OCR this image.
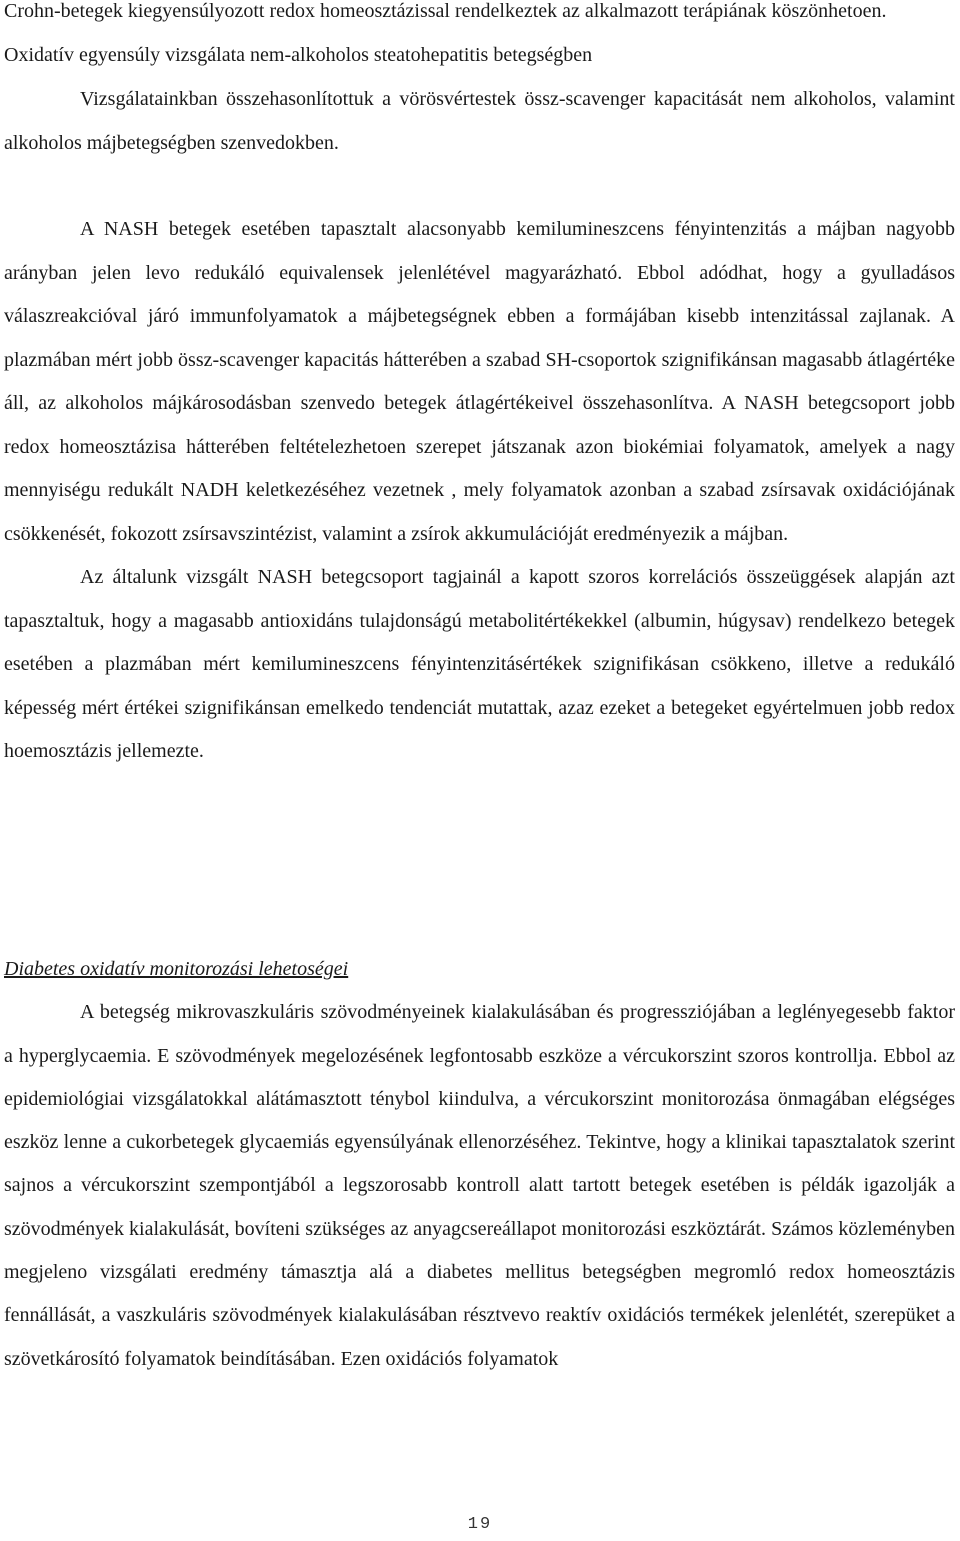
Crohn-betegek kiegyensúlyozott redox homeosztázissal rendelkeztek az alkalmazott terápiának köszönhetoen.

Oxidatív egyensúly vizsgálata nem-alkoholos steatohepatitis betegségben

Vizsgálatainkban összehasonlítottuk a vörösvértestek össz-scavenger kapacitását nem alkoholos, valamint alkoholos májbetegségben szenvedokben.

A NASH betegek esetében tapasztalt alacsonyabb kemilumineszcens fényintenzitás a májban nagyobb arányban jelen levo redukáló equivalensek jelenlétével magyarázható. Ebbol adódhat, hogy a gyulladásos válaszreakcióval járó immunfolyamatok a májbetegségnek ebben a formájában kisebb intenzitással zajlanak. A plazmában mért jobb össz-scavenger kapacitás hátterében a szabad SH-csoportok szignifikánsan magasabb átlagértéke áll, az alkoholos májkárosodásban szenvedo betegek átlagértékeivel összehasonlítva. A NASH betegcsoport jobb redox homeosztázisa hátterében feltételezhetoen szerepet játszanak azon biokémiai folyamatok, amelyek a nagy mennyiségu redukált NADH keletkezéséhez vezetnek , mely folyamatok azonban a szabad zsírsavak oxidációjának csökkenését, fokozott zsírsavszintézist, valamint a zsírok akkumulációját eredményezik a májban.

Az általunk vizsgált NASH betegcsoport tagjainál a kapott szoros korrelációs összeüggések alapján azt tapasztaltuk, hogy a magasabb antioxidáns tulajdonságú metabolitértékekkel (albumin, húgysav) rendelkezo betegek esetében a plazmában mért kemilumineszcens fényintenzitásértékek szignifikásan csökkeno, illetve a redukáló képesség mért értékei szignifikánsan emelkedo tendenciát mutattak, azaz ezeket a betegeket egyértelmuen jobb redox hoemosztázis jellemezte.

Diabetes oxidatív monitorozási lehetoségei

A betegség mikrovaszkuláris szövodményeinek kialakulásában és progressziójában a leglényegesebb faktor a hyperglycaemia. E szövodmények megelozésének legfontosabb eszköze a vércukorszint szoros kontrollja. Ebbol az epidemiológiai vizsgálatokkal alátámasztott ténybol kiindulva, a vércukorszint monitorozása önmagában elégséges eszköz lenne a cukorbetegek glycaemiás egyensúlyának ellenorzéséhez. Tekintve, hogy a klinikai tapasztalatok szerint sajnos a vércukorszint szempontjából a legszorosabb kontroll alatt tartott betegek esetében is példák igazolják a szövodmények kialakulását, bovíteni szükséges az anyagcsereállapot monitorozási eszköztárát. Számos közleményben megjeleno vizsgálati eredmény támasztja alá a diabetes mellitus betegségben megromló redox homeosztázis fennállását, a vaszkuláris szövodmények kialakulásában résztvevo reaktív oxidációs termékek jelenlétét, szerepüket a szövetkárosító folyamatok beindításában. Ezen oxidációs folyamatok

19
